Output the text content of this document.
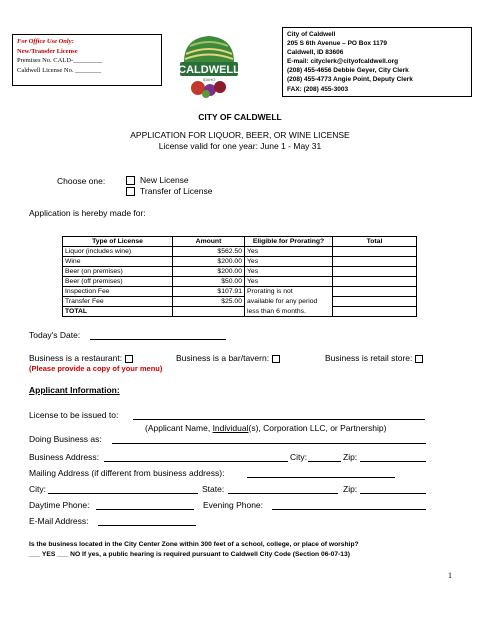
For Office Use Only:
New/Transfer License
Premises No. CALD-_________
Caldwell License No. ________	CALDWELL
IDAHO
City of Caldwell
205 S 6th Avenue – PO Box 1179
Caldwell, ID 83606
E-mail: cityclerk@cityofcaldwell.org
(208) 455-4656 Debbie Geyer, City Clerk
(208) 455-4773 Angie Point, Deputy Clerk
FAX: (208) 455-3003
CITY OF CALDWELL
APPLICATION FOR LIQUOR, BEER, OR WINE LICENSE
License valid for one year: June 1 - May 31
Choose one:	New License
Transfer of License
Application is hereby made for:
Type of License	Amount	Eligible for Prorating?	Total
Liquor (includes wine)	$562.50	Yes	
Wine	$200.00	Yes	
Beer (on premises)	$200.00	Yes	
Beer (off premises)	$50.00	Yes	
Inspection Fee	$107.91	Prorating is not	
Transfer Fee	$25.00	available for any period	
TOTAL		less than 6 months.	
Today's Date:
Business is a restaurant:	Business is a bar/tavern:	Business is retail store:
(Please provide a copy of your menu)
Applicant Information:
License to be issued to:
(Applicant Name, Individual(s), Corporation LLC, or Partnership)
Doing Business as:
Business Address:	City:	Zip:
Mailing Address (if different from business address):
City:	State:	Zip:
Daytime Phone:	Evening Phone:
E-Mail Address:
Is the business located in the City Center Zone within 300 feet of a school, college, or place of worship?
___ YES ___ NO If yes, a public hearing is required pursuant to Caldwell City Code (Section 06-07-13)
1
